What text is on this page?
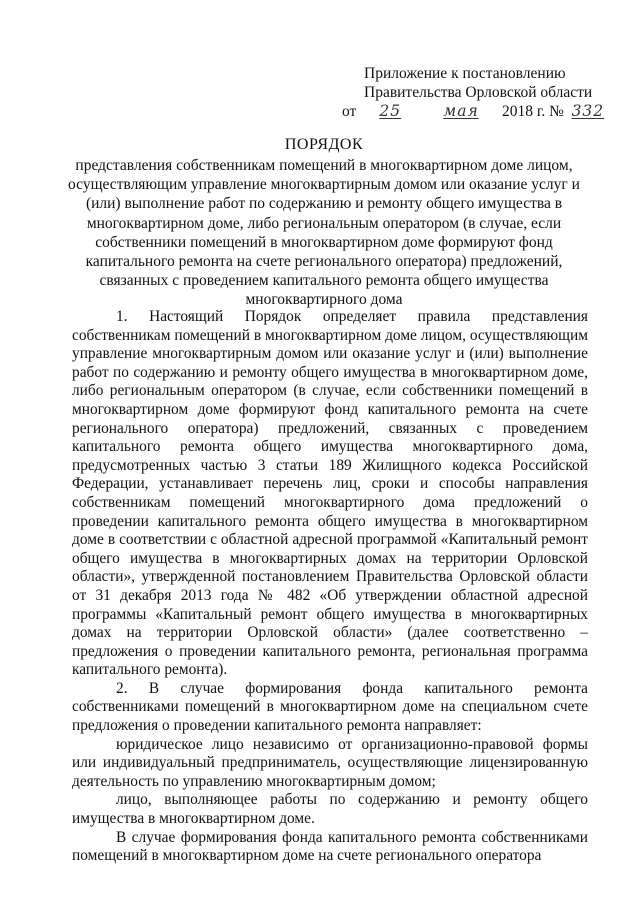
Приложение к постановлению
Правительства Орловской области
от 25	мая 2018 г. № 332
ПОРЯДОК
представления собственникам помещений в многоквартирном доме лицом, осуществляющим управление многоквартирным домом или оказание услуг и (или) выполнение работ по содержанию и ремонту общего имущества в многоквартирном доме, либо региональным оператором (в случае, если собственники помещений в многоквартирном доме формируют фонд капитального ремонта на счете регионального оператора) предложений, связанных с проведением капитального ремонта общего имущества многоквартирного дома

1. Настоящий Порядок определяет правила представления собственникам помещений в многоквартирном доме лицом, осуществляющим управление многоквартирным домом или оказание услуг и (или) выполнение работ по содержанию и ремонту общего имущества в многоквартирном доме, либо региональным оператором (в случае, если собственники помещений в многоквартирном доме формируют фонд капитального ремонта на счете регионального оператора) предложений, связанных с проведением капитального ремонта общего имущества многоквартирного дома, предусмотренных частью 3 статьи 189 Жилищного кодекса Российской Федерации, устанавливает перечень лиц, сроки и способы направления собственникам помещений многоквартирного дома предложений о проведении капитального ремонта общего имущества в многоквартирном доме в соответствии с областной адресной программой «Капитальный ремонт общего имущества в многоквартирных домах на территории Орловской области», утвержденной постановлением Правительства Орловской области от 31 декабря 2013 года № 482 «Об утверждении областной адресной программы «Капитальный ремонт общего имущества в многоквартирных домах на территории Орловской области» (далее соответственно – предложения о проведении капитального ремонта, региональная программа капитального ремонта).

2. В случае формирования фонда капитального ремонта собственниками помещений в многоквартирном доме на специальном счете предложения о проведении капитального ремонта направляет:

юридическое лицо независимо от организационно-правовой формы или индивидуальный предприниматель, осуществляющие лицензированную деятельность по управлению многоквартирным домом;

лицо, выполняющее работы по содержанию и ремонту общего имущества в многоквартирном доме.

В случае формирования фонда капитального ремонта собственниками помещений в многоквартирном доме на счете регионального оператора
